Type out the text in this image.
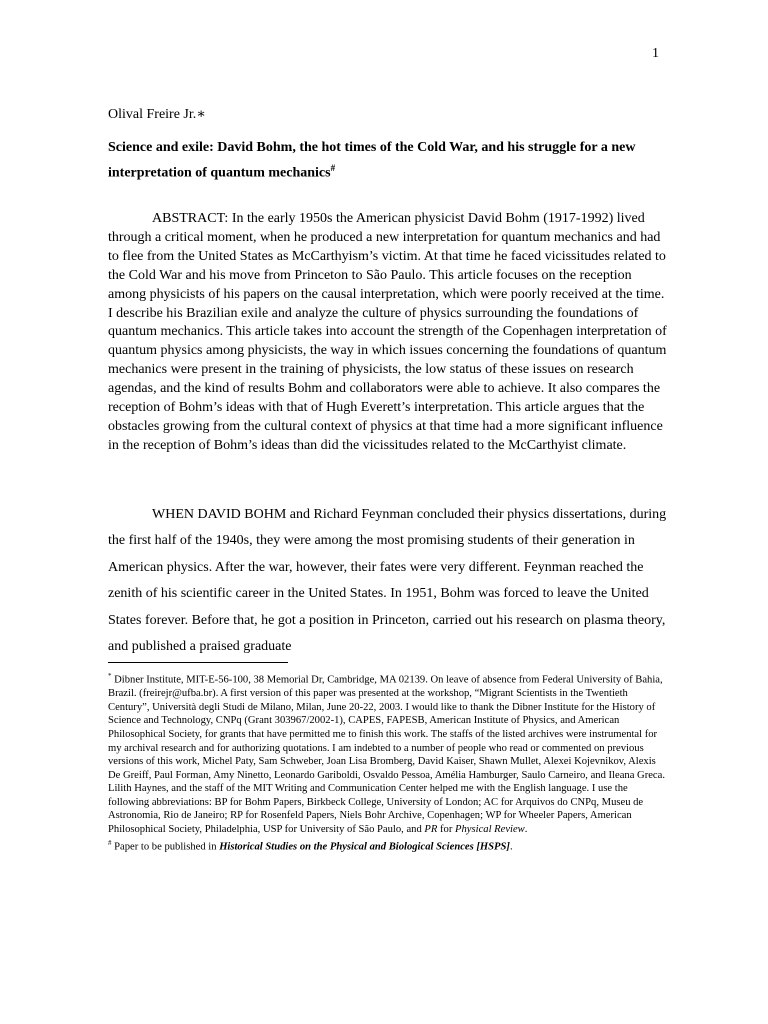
1
Olival Freire Jr.∗
Science and exile: David Bohm, the hot times of the Cold War, and his struggle for a new interpretation of quantum mechanics#

ABSTRACT: In the early 1950s the American physicist David Bohm (1917-1992) lived through a critical moment, when he produced a new interpretation for quantum mechanics and had to flee from the United States as McCarthyism’s victim. At that time he faced vicissitudes related to the Cold War and his move from Princeton to São Paulo. This article focuses on the reception among physicists of his papers on the causal interpretation, which were poorly received at the time. I describe his Brazilian exile and analyze the culture of physics surrounding the foundations of quantum mechanics. This article takes into account the strength of the Copenhagen interpretation of quantum physics among physicists, the way in which issues concerning the foundations of quantum mechanics were present in the training of physicists, the low status of these issues on research agendas, and the kind of results Bohm and collaborators were able to achieve. It also compares the reception of Bohm’s ideas with that of Hugh Everett’s interpretation. This article argues that the obstacles growing from the cultural context of physics at that time had a more significant influence in the reception of Bohm’s ideas than did the vicissitudes related to the McCarthyist climate.

WHEN DAVID BOHM and Richard Feynman concluded their physics dissertations, during the first half of the 1940s, they were among the most promising students of their generation in American physics. After the war, however, their fates were very different. Feynman reached the zenith of his scientific career in the United States. In 1951, Bohm was forced to leave the United States forever. Before that, he got a position in Princeton, carried out his research on plasma theory, and published a praised graduate

* Dibner Institute, MIT-E-56-100, 38 Memorial Dr, Cambridge, MA 02139. On leave of absence from Federal University of Bahia, Brazil. (freirejr@ufba.br). A first version of this paper was presented at the workshop, “Migrant Scientists in the Twentieth Century”, Università degli Studi de Milano, Milan, June 20-22, 2003. I would like to thank the Dibner Institute for the History of Science and Technology, CNPq (Grant 303967/2002-1), CAPES, FAPESB, American Institute of Physics, and American Philosophical Society, for grants that have permitted me to finish this work. The staffs of the listed archives were instrumental for my archival research and for authorizing quotations. I am indebted to a number of people who read or commented on previous versions of this work, Michel Paty, Sam Schweber, Joan Lisa Bromberg, David Kaiser, Shawn Mullet, Alexei Kojevnikov, Alexis De Greiff, Paul Forman, Amy Ninetto, Leonardo Gariboldi, Osvaldo Pessoa, Amélia Hamburger, Saulo Carneiro, and Ileana Greca. Lilith Haynes, and the staff of the MIT Writing and Communication Center helped me with the English language. I use the following abbreviations: BP for Bohm Papers, Birkbeck College, University of London; AC for Arquivos do CNPq, Museu de Astronomia, Rio de Janeiro; RP for Rosenfeld Papers, Niels Bohr Archive, Copenhagen; WP for Wheeler Papers, American Philosophical Society, Philadelphia, USP for University of São Paulo, and PR for Physical Review.

# Paper to be published in Historical Studies on the Physical and Biological Sciences [HSPS].
